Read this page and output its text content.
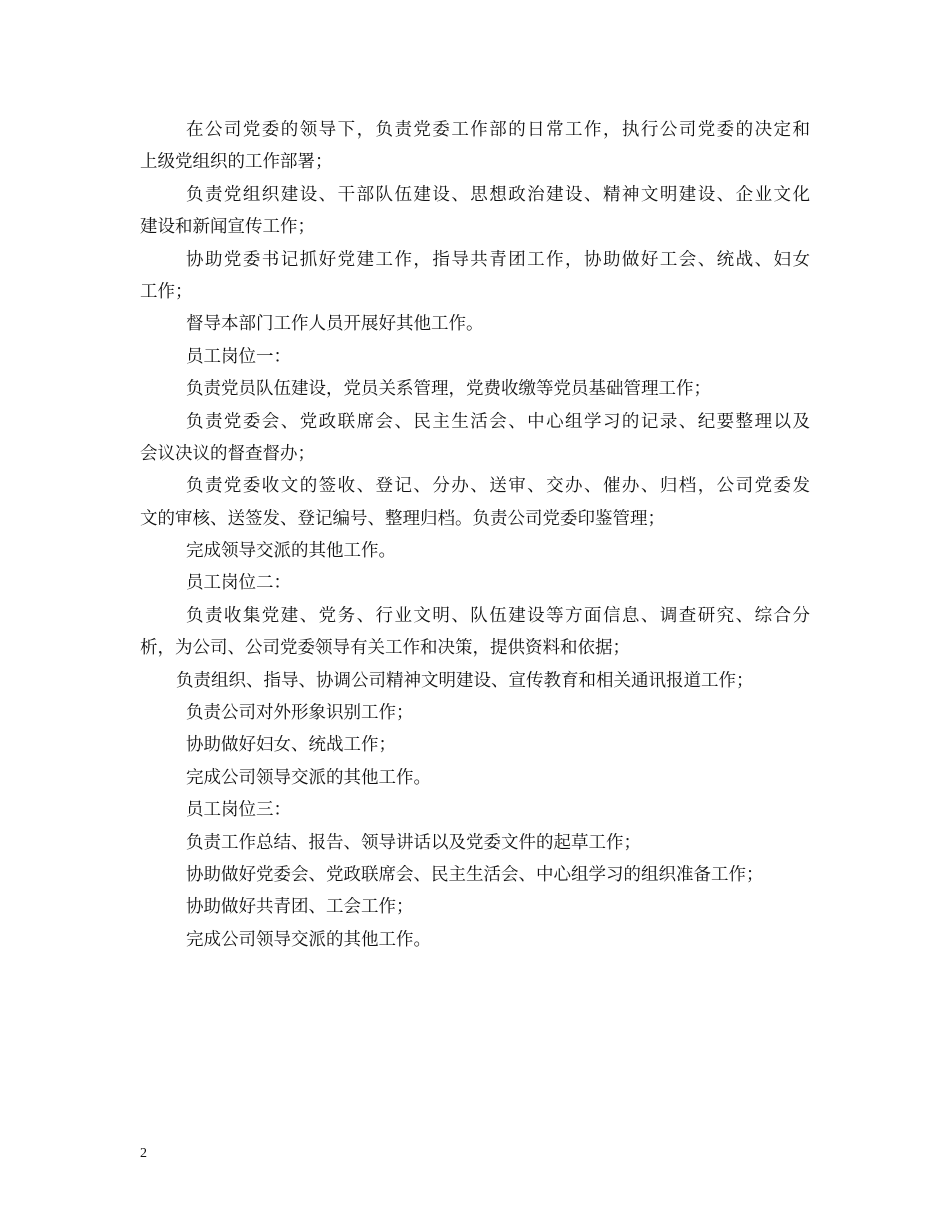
在公司党委的领导下，负责党委工作部的日常工作，执行公司党委的决定和
上级党组织的工作部署；
负责党组织建设、干部队伍建设、思想政治建设、精神文明建设、企业文化
建设和新闻宣传工作；
协助党委书记抓好党建工作，指导共青团工作，协助做好工会、统战、妇女
工作；
督导本部门工作人员开展好其他工作。
员工岗位一：
负责党员队伍建设，党员关系管理，党费收缴等党员基础管理工作；
负责党委会、党政联席会、民主生活会、中心组学习的记录、纪要整理以及
会议决议的督查督办；
负责党委收文的签收、登记、分办、送审、交办、催办、归档，公司党委发
文的审核、送签发、登记编号、整理归档。负责公司党委印鉴管理；
完成领导交派的其他工作。
员工岗位二：
负责收集党建、党务、行业文明、队伍建设等方面信息、调查研究、综合分
析，为公司、公司党委领导有关工作和决策，提供资料和依据；
负责组织、指导、协调公司精神文明建设、宣传教育和相关通讯报道工作；
负责公司对外形象识别工作；
协助做好妇女、统战工作；
完成公司领导交派的其他工作。
员工岗位三：
负责工作总结、报告、领导讲话以及党委文件的起草工作；
协助做好党委会、党政联席会、民主生活会、中心组学习的组织准备工作；
协助做好共青团、工会工作；
完成公司领导交派的其他工作。
2
